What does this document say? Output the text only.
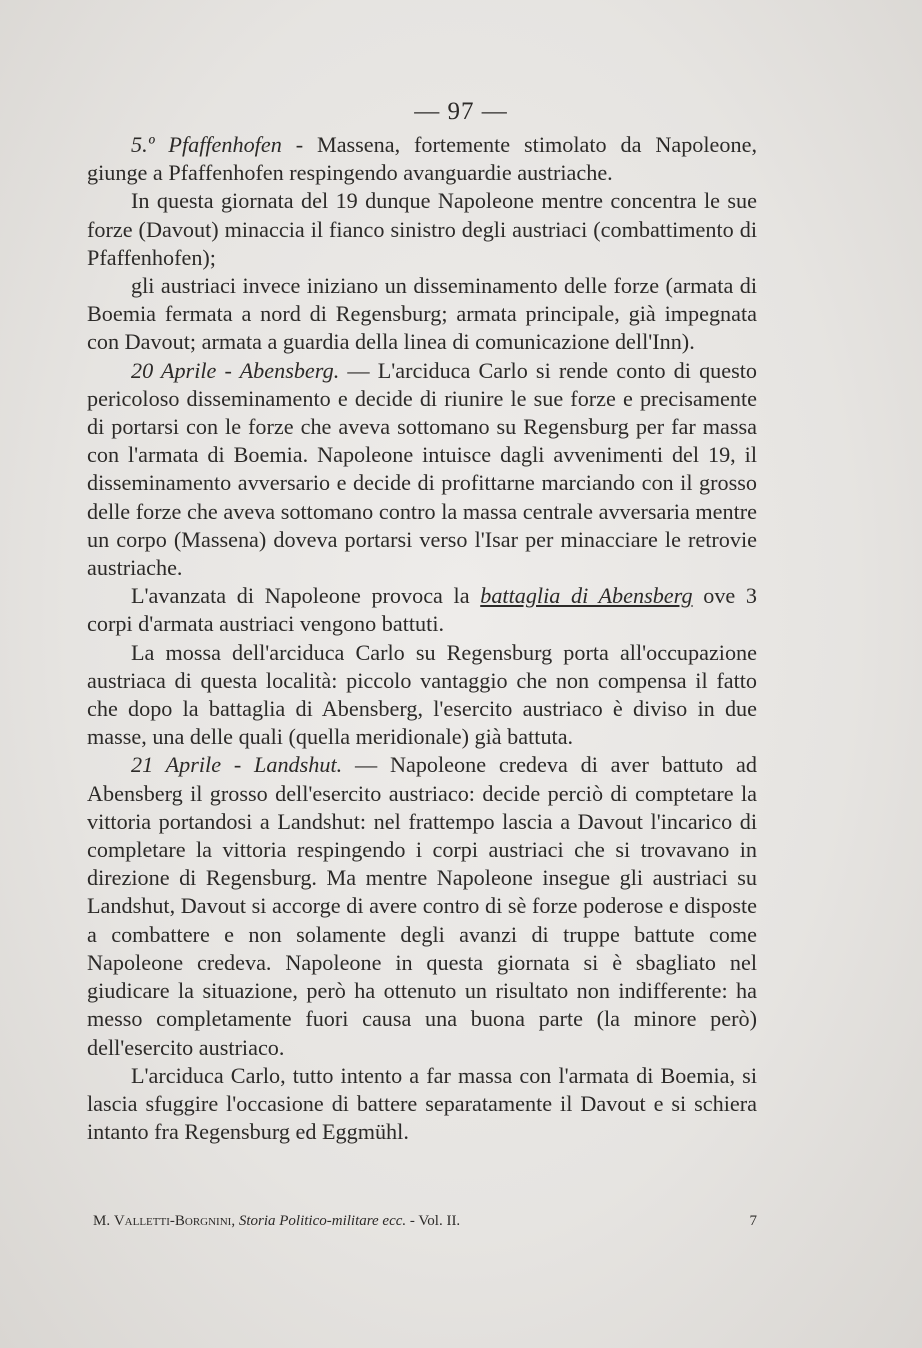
— 97 —

5.º Pfaffenhofen - Massena, fortemente stimolato da Napoleone, giunge a Pfaffenhofen respingendo avanguardie austriache.

In questa giornata del 19 dunque Napoleone mentre concentra le sue forze (Davout) minaccia il fianco sinistro degli austriaci (combattimento di Pfaffenhofen);

gli austriaci invece iniziano un disseminamento delle forze (armata di Boemia fermata a nord di Regensburg; armata principale, già impegnata con Davout; armata a guardia della linea di comunicazione dell'Inn).

20 Aprile - Abensberg. — L'arciduca Carlo si rende conto di questo pericoloso disseminamento e decide di riunire le sue forze e precisamente di portarsi con le forze che aveva sottomano su Regensburg per far massa con l'armata di Boemia. Napoleone intuisce dagli avvenimenti del 19, il disseminamento avversario e decide di profittarne marciando con il grosso delle forze che aveva sottomano contro la massa centrale avversaria mentre un corpo (Massena) doveva portarsi verso l'Isar per minacciare le retrovie austriache.

L'avanzata di Napoleone provoca la battaglia di Abensberg ove 3 corpi d'armata austriaci vengono battuti.

La mossa dell'arciduca Carlo su Regensburg porta all'occupazione austriaca di questa località: piccolo vantaggio che non compensa il fatto che dopo la battaglia di Abensberg, l'esercito austriaco è diviso in due masse, una delle quali (quella meridionale) già battuta.

21 Aprile - Landshut. — Napoleone credeva di aver battuto ad Abensberg il grosso dell'esercito austriaco: decide perciò di comptetare la vittoria portandosi a Landshut: nel frattempo lascia a Davout l'incarico di completare la vittoria respingendo i corpi austriaci che si trovavano in direzione di Regensburg. Ma mentre Napoleone insegue gli austriaci su Landshut, Davout si accorge di avere contro di sè forze poderose e disposte a combattere e non solamente degli avanzi di truppe battute come Napoleone credeva. Napoleone in questa giornata si è sbagliato nel giudicare la situazione, però ha ottenuto un risultato non indifferente: ha messo completamente fuori causa una buona parte (la minore però) dell'esercito austriaco.

L'arciduca Carlo, tutto intento a far massa con l'armata di Boemia, si lascia sfuggire l'occasione di battere separatamente il Davout e si schiera intanto fra Regensburg ed Eggmühl.

M. Valletti-Borgnini, Storia Politico-militare ecc. - Vol. II.	7
